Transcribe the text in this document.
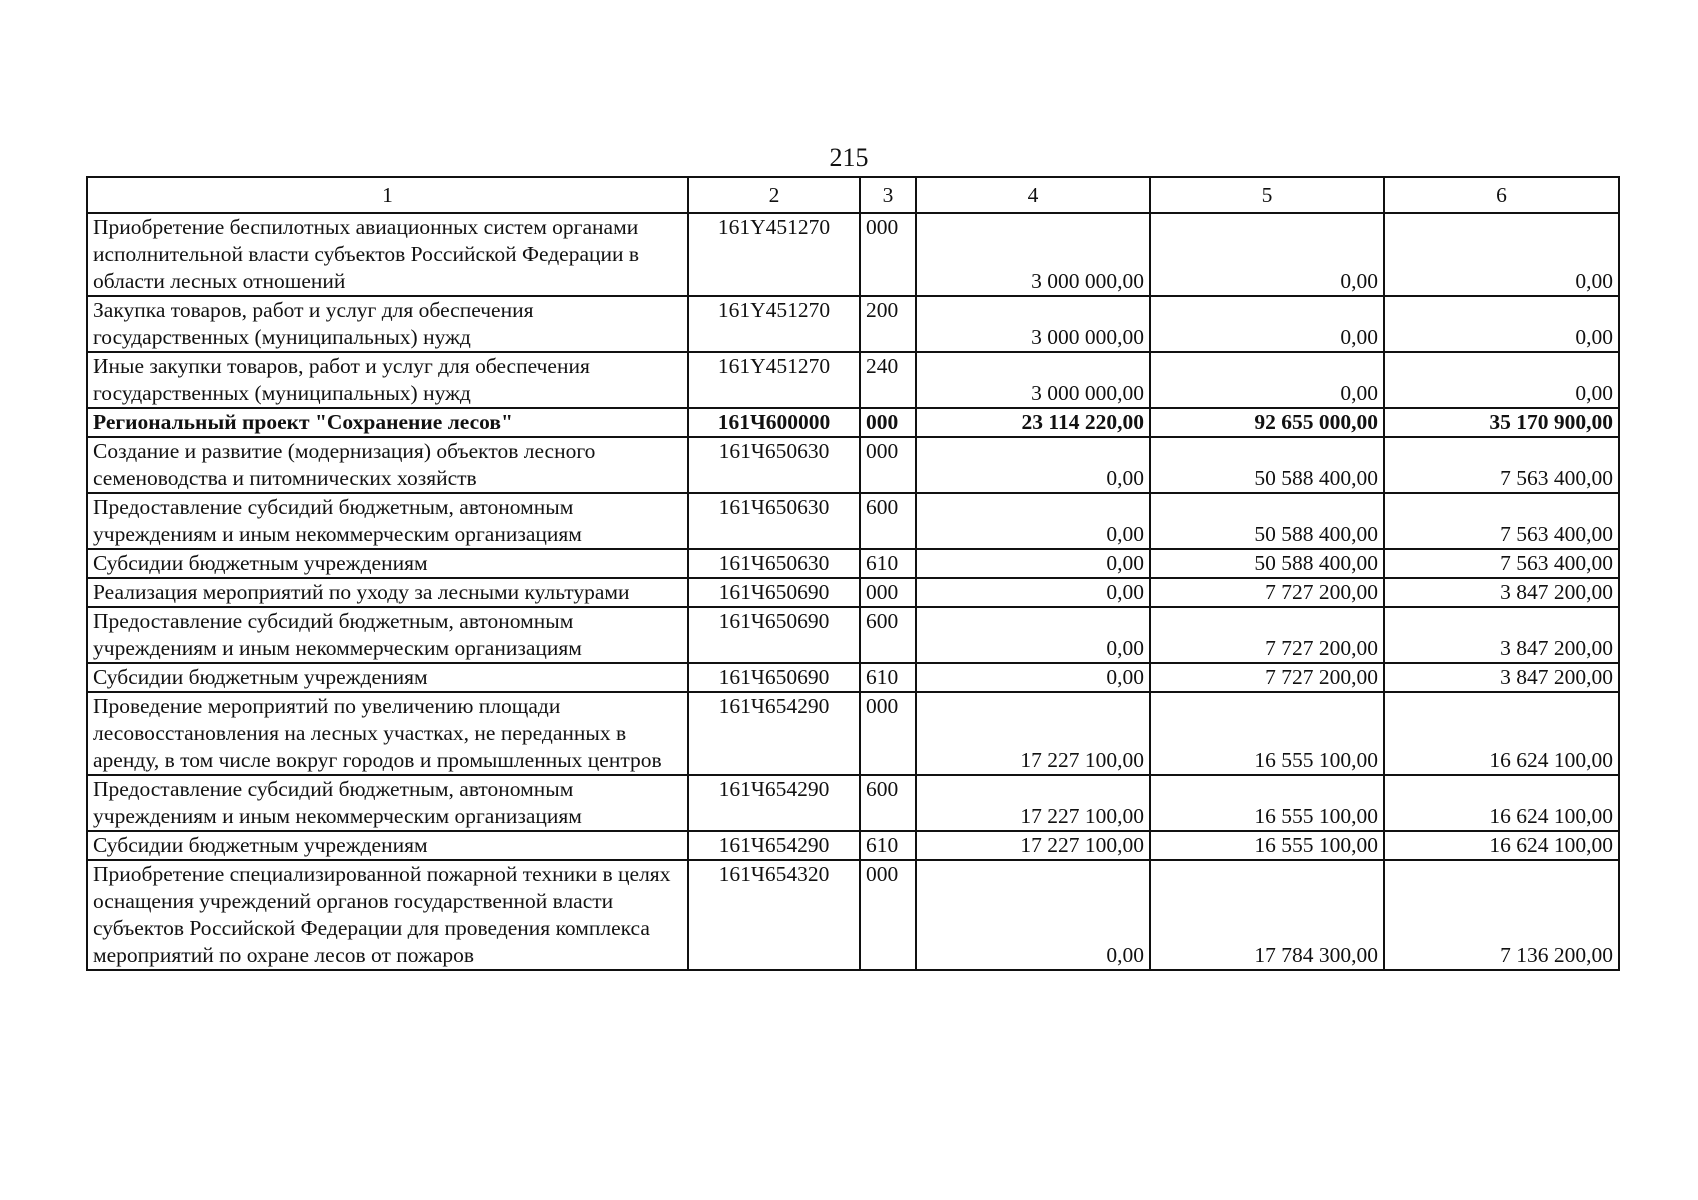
215
1	2	3	4	5	6
Приобретение беспилотных авиационных систем органами исполнительной власти субъектов Российской Федерации в области лесных отношений	161Y451270	000	3 000 000,00	0,00	0,00
Закупка товаров, работ и услуг для обеспечения государственных (муниципальных) нужд	161Y451270	200	3 000 000,00	0,00	0,00
Иные закупки товаров, работ и услуг для обеспечения государственных (муниципальных) нужд	161Y451270	240	3 000 000,00	0,00	0,00
Региональный проект "Сохранение лесов"	161Ч600000	000	23 114 220,00	92 655 000,00	35 170 900,00
Создание и развитие (модернизация) объектов лесного семеноводства и питомнических хозяйств	161Ч650630	000	0,00	50 588 400,00	7 563 400,00
Предоставление субсидий бюджетным, автономным учреждениям и иным некоммерческим организациям	161Ч650630	600	0,00	50 588 400,00	7 563 400,00
Субсидии бюджетным учреждениям	161Ч650630	610	0,00	50 588 400,00	7 563 400,00
Реализация мероприятий по уходу за лесными культурами	161Ч650690	000	0,00	7 727 200,00	3 847 200,00
Предоставление субсидий бюджетным, автономным учреждениям и иным некоммерческим организациям	161Ч650690	600	0,00	7 727 200,00	3 847 200,00
Субсидии бюджетным учреждениям	161Ч650690	610	0,00	7 727 200,00	3 847 200,00
Проведение мероприятий по увеличению площади лесовосстановления на лесных участках, не переданных в аренду, в том числе вокруг городов и промышленных центров	161Ч654290	000	17 227 100,00	16 555 100,00	16 624 100,00
Предоставление субсидий бюджетным, автономным учреждениям и иным некоммерческим организациям	161Ч654290	600	17 227 100,00	16 555 100,00	16 624 100,00
Субсидии бюджетным учреждениям	161Ч654290	610	17 227 100,00	16 555 100,00	16 624 100,00
Приобретение специализированной пожарной техники в целях оснащения учреждений органов государственной власти субъектов Российской Федерации для проведения комплекса мероприятий по охране лесов от пожаров	161Ч654320	000	0,00	17 784 300,00	7 136 200,00
